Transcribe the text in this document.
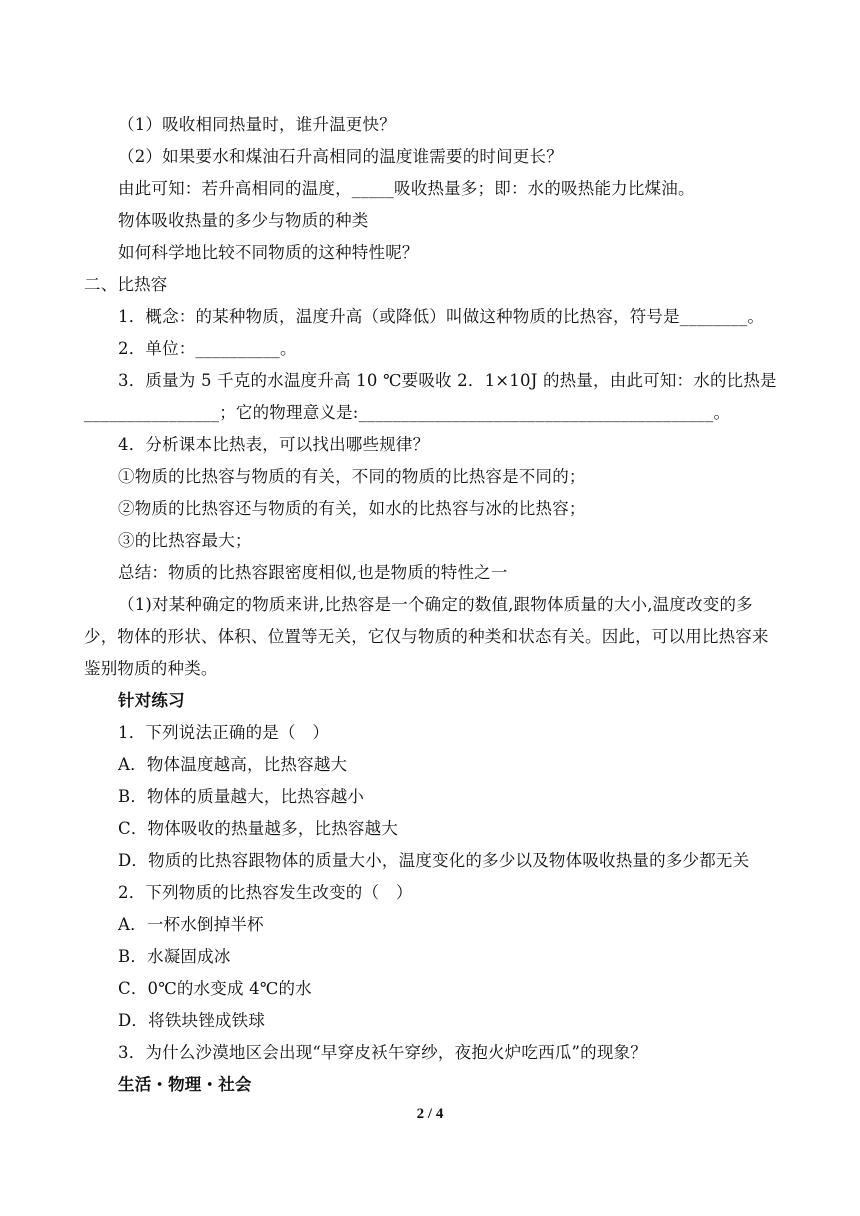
（1）吸收相同热量时，谁升温更快？
（2）如果要水和煤油石升高相同的温度谁需要的时间更长？
由此可知：若升高相同的温度，_____吸收热量多；即：水的吸热能力比煤油。
物体吸收热量的多少与物质的种类
如何科学地比较不同物质的这种特性呢？
二、比热容
1．概念：的某种物质，温度升高（或降低）叫做这种物质的比热容，符号是________。
2．单位：__________。
3．质量为 5 千克的水温度升高 10 ℃要吸收 2．1×10J 的热量，由此可知：水的比热是
________________；它的物理意义是:__________________________________________。
4．分析课本比热表，可以找出哪些规律？
①物质的比热容与物质的有关，不同的物质的比热容是不同的；
②物质的比热容还与物质的有关，如水的比热容与冰的比热容；
③的比热容最大；
总结：物质的比热容跟密度相似,也是物质的特性之一
（1)对某种确定的物质来讲,比热容是一个确定的数值,跟物体质量的大小,温度改变的多
少，物体的形状、体积、位置等无关，它仅与物质的种类和状态有关。因此，可以用比热容来
鉴别物质的种类。
针对练习
1．下列说法正确的是（　）
A．物体温度越高，比热容越大
B．物体的质量越大，比热容越小
C．物体吸收的热量越多，比热容越大
D．物质的比热容跟物体的质量大小，温度变化的多少以及物体吸收热量的多少都无关
2．下列物质的比热容发生改变的（　）
A．一杯水倒掉半杯
B．水凝固成冰
C．0℃的水变成 4℃的水
D．将铁块锉成铁球
3．为什么沙漠地区会出现“早穿皮袄午穿纱，夜抱火炉吃西瓜”的现象？
生活・物理・社会
2 / 4
